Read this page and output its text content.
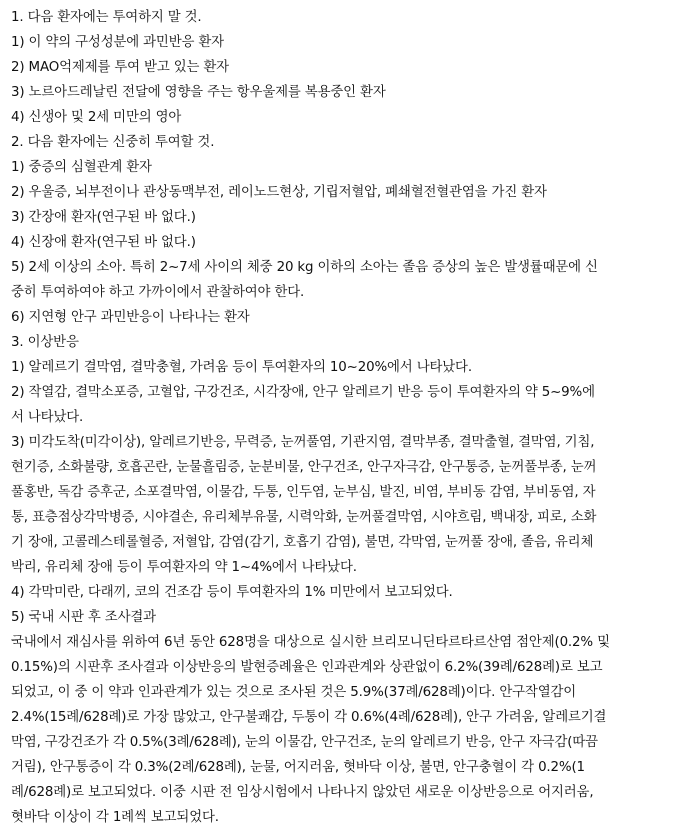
1. 다음 환자에는 투여하지 말 것.
1) 이 약의 구성성분에 과민반응 환자
2) MAO억제제를 투여 받고 있는 환자
3) 노르아드레날린 전달에 영향을 주는 항우울제를 복용중인 환자
4) 신생아 및 2세 미만의 영아
2. 다음 환자에는 신중히 투여할 것.
1) 중증의 심혈관계 환자
2) 우울증, 뇌부전이나 관상동맥부전, 레이노드현상, 기립저혈압, 폐쇄혈전혈관염을 가진 환자
3) 간장애 환자(연구된 바 없다.)
4) 신장애 환자(연구된 바 없다.)
5) 2세 이상의 소아. 특히 2~7세 사이의 체중 20 kg 이하의 소아는 졸음 증상의 높은 발생률때문에 신
중히 투여하여야 하고 가까이에서 관찰하여야 한다.
6) 지연형 안구 과민반응이 나타나는 환자
3. 이상반응
1) 알레르기 결막염, 결막충혈, 가려움 등이 투여환자의 10~20%에서 나타났다.
2) 작열감, 결막소포증, 고혈압, 구강건조, 시각장애, 안구 알레르기 반응 등이 투여환자의 약 5~9%에
서 나타났다.
3) 미각도착(미각이상), 알레르기반응, 무력증, 눈꺼풀염, 기관지염, 결막부종, 결막출혈, 결막염, 기침,
현기증, 소화불량, 호흡곤란, 눈물흘림증, 눈분비물, 안구건조, 안구자극감, 안구통증, 눈꺼풀부종, 눈꺼
풀홍반, 독감 증후군, 소포결막염, 이물감, 두통, 인두염, 눈부심, 발진, 비염, 부비동 감염, 부비동염, 자
통, 표층점상각막병증, 시야결손, 유리체부유물, 시력악화, 눈꺼풀결막염, 시야흐림, 백내장, 피로, 소화
기 장애, 고콜레스테롤혈증, 저혈압, 감염(감기, 호흡기 감염), 불면, 각막염, 눈꺼풀 장애, 졸음, 유리체
박리, 유리체 장애 등이 투여환자의 약 1~4%에서 나타났다.
4) 각막미란, 다래끼, 코의 건조감 등이 투여환자의 1% 미만에서 보고되었다.
5) 국내 시판 후 조사결과
국내에서 재심사를 위하여 6년 동안 628명을 대상으로 실시한 브리모니딘타르타르산염 점안제(0.2% 및
0.15%)의 시판후 조사결과 이상반응의 발현증례율은 인과관계와 상관없이 6.2%(39례/628례)로 보고
되었고, 이 중 이 약과 인과관계가 있는 것으로 조사된 것은 5.9%(37례/628례)이다. 안구작열감이
2.4%(15례/628례)로 가장 많았고, 안구불쾌감, 두통이 각 0.6%(4례/628례), 안구 가려움, 알레르기결
막염, 구강건조가 각 0.5%(3례/628례), 눈의 이물감, 안구건조, 눈의 알레르기 반응, 안구 자극감(따끔
거림), 안구통증이 각 0.3%(2례/628례), 눈물, 어지러움, 혓바닥 이상, 불면, 안구충혈이 각 0.2%(1
례/628례)로 보고되었다. 이중 시판 전 임상시험에서 나타나지 않았던 새로운 이상반응으로 어지러움,
혓바닥 이상이 각 1례씩 보고되었다.
